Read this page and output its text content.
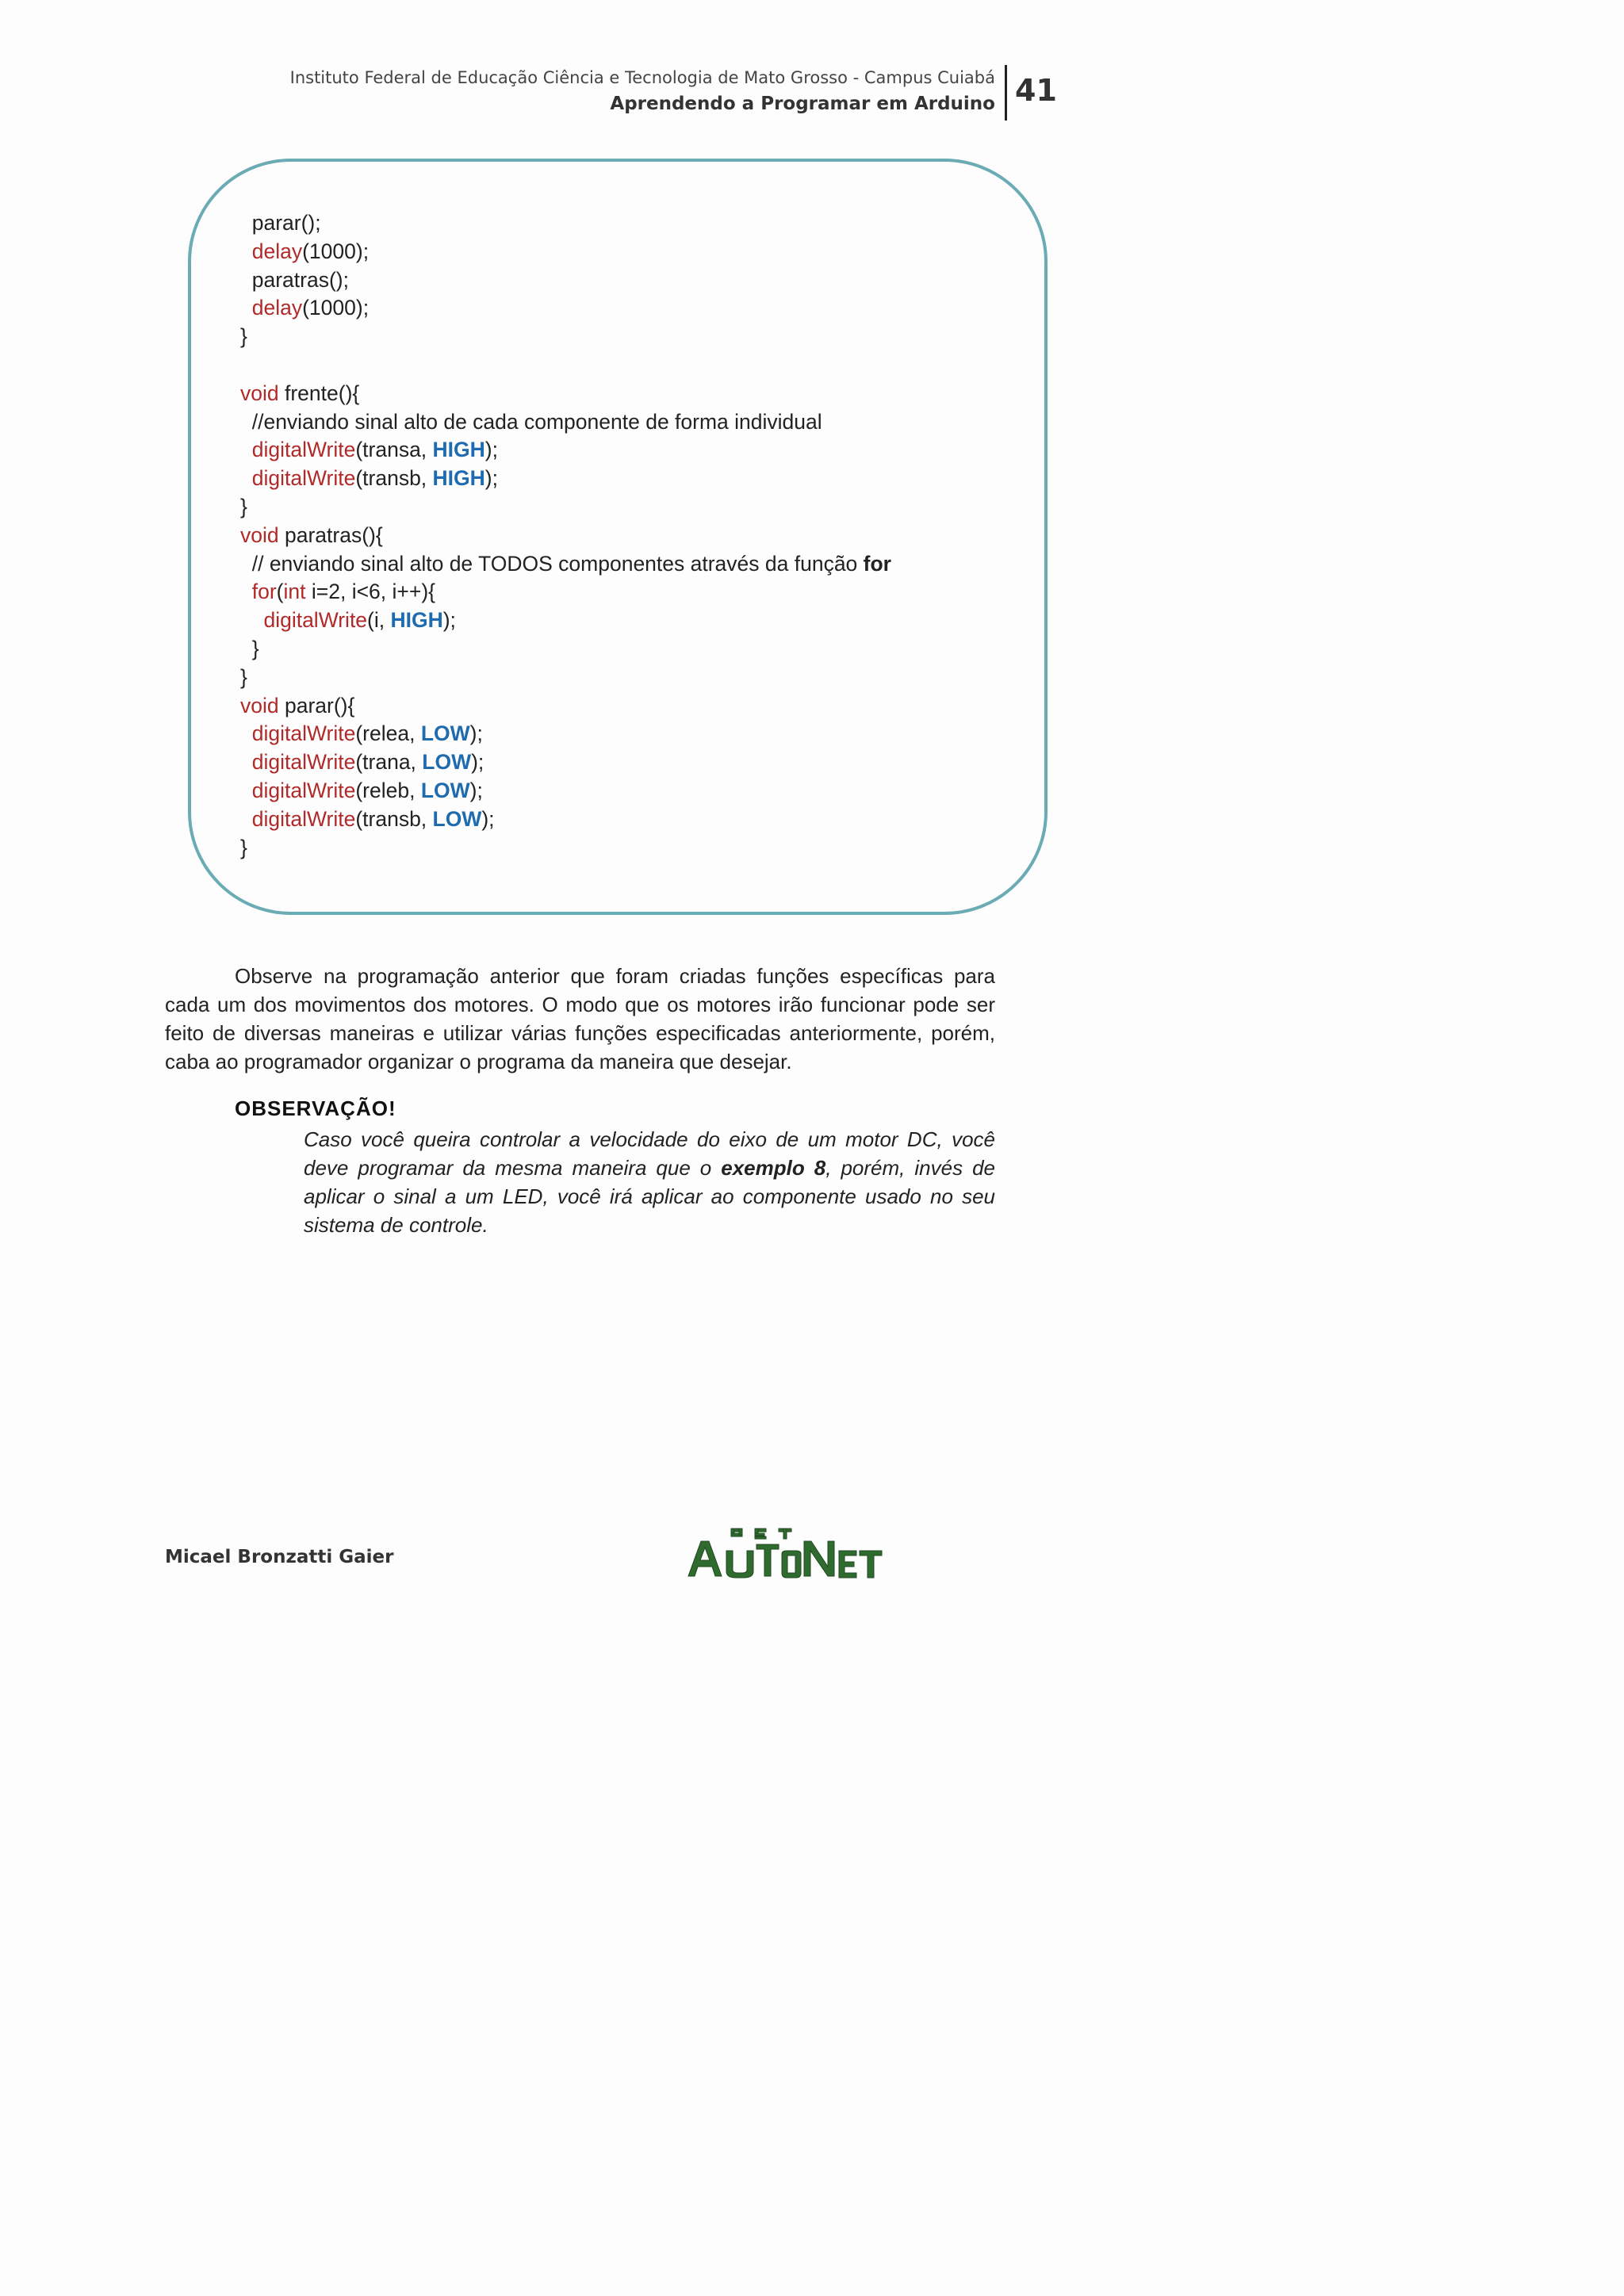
Instituto Federal de Educação Ciência e Tecnologia de Mato Grosso - Campus Cuiabá
Aprendendo a Programar em Arduino 41
parar();
delay(1000);
paratras();
delay(1000);
}
void frente(){
//enviando sinal alto de cada componente de forma individual
digitalWrite(transa, HIGH);
digitalWrite(transb, HIGH);
}
void paratras(){
// enviando sinal alto de TODOS componentes através da função for
for(int i=2, i<6, i++){
digitalWrite(i, HIGH);
}
}
void parar(){
digitalWrite(relea, LOW);
digitalWrite(trana, LOW);
digitalWrite(releb, LOW);
digitalWrite(transb, LOW);
}

Observe na programação anterior que foram criadas funções específicas para cada um dos movimentos dos motores. O modo que os motores irão funcionar pode ser feito de diversas maneiras e utilizar várias funções especificadas anteriormente, porém, caba ao programador organizar o programa da maneira que desejar.

OBSERVAÇÃO!
Caso você queira controlar a velocidade do eixo de um motor DC, você deve programar da mesma maneira que o exemplo 8, porém, invés de aplicar o sinal a um LED, você irá aplicar ao componente usado no seu sistema de controle.
Micael Bronzatti Gaier
